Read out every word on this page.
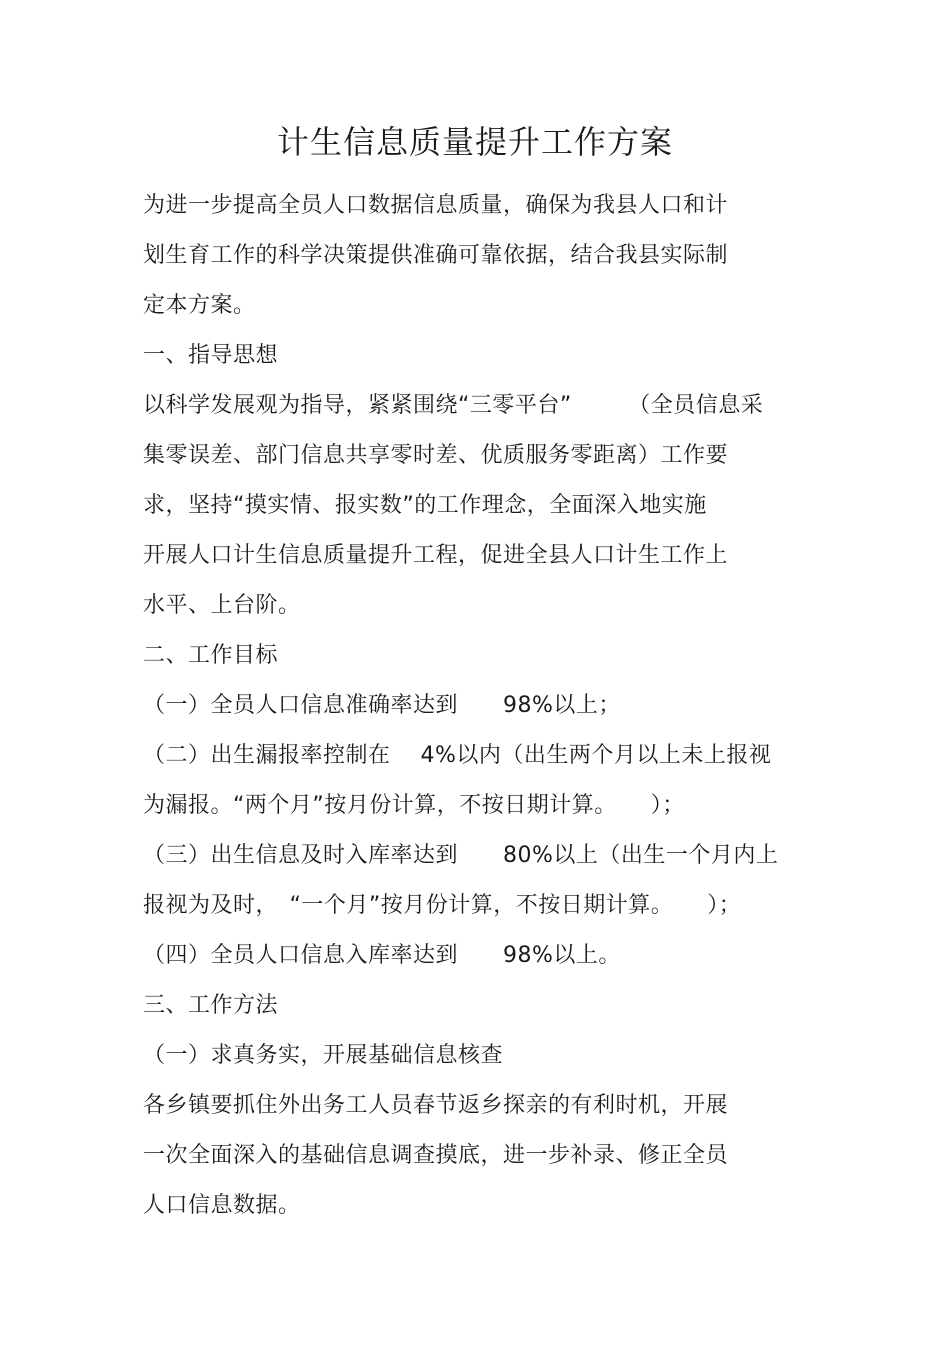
计生信息质量提升工作方案
为进一步提高全员人口数据信息质量，确保为我县人口和计
划生育工作的科学决策提供准确可靠依据，结合我县实际制
定本方案。
一、指导思想
以科学发展观为指导，紧紧围绕“三零平台”　　　（全员信息采
集零误差、部门信息共享零时差、优质服务零距离）工作要
求，坚持“摸实情、报实数”的工作理念，全面深入地实施
开展人口计生信息质量提升工程，促进全县人口计生工作上
水平、上台阶。
二、工作目标
（一）全员人口信息准确率达到　　98%以上；
（二）出生漏报率控制在　 4%以内（出生两个月以上未上报视
为漏报。“两个月”按月份计算，不按日期计算。　　）；
（三）出生信息及时入库率达到　　80%以上（出生一个月内上
报视为及时，　“一个月”按月份计算，不按日期计算。　　）；
（四）全员人口信息入库率达到　　98%以上。
三、工作方法
（一）求真务实，开展基础信息核查
各乡镇要抓住外出务工人员春节返乡探亲的有利时机，开展
一次全面深入的基础信息调查摸底，进一步补录、修正全员
人口信息数据。
